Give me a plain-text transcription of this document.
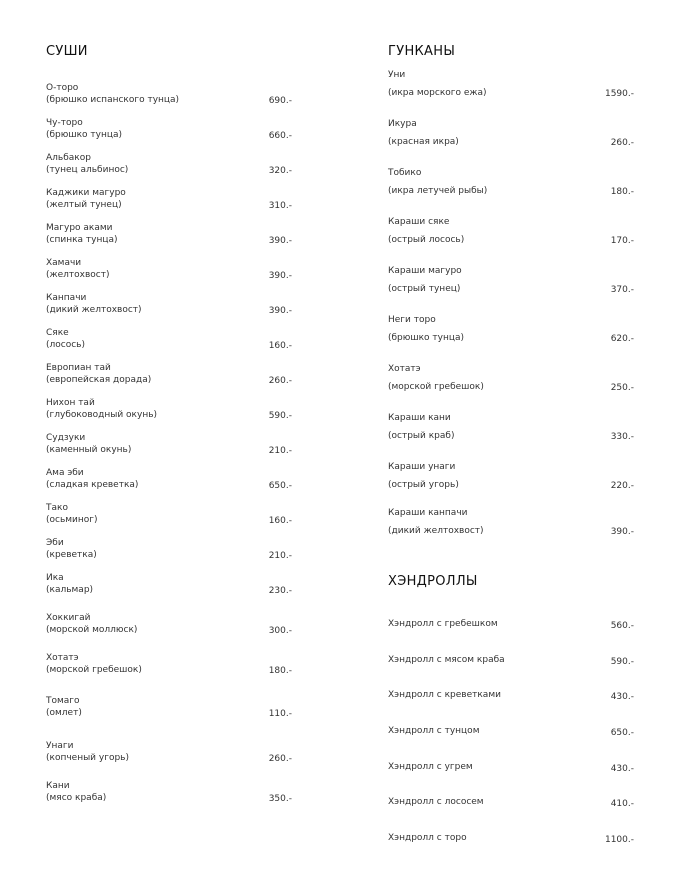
СУШИ
О-торо
(брюшко испанского тунца)	690.-
Чу-торо
(брюшко тунца)	660.-
Альбакор
(тунец альбинос)	320.-
Каджики магуро
(желтый тунец)	310.-
Магуро аками
(спинка тунца)	390.-
Хамачи
(желтохвост)	390.-
Канпачи
(дикий желтохвост)	390.-
Сяке
(лосось)	160.-
Европиан тай
(европейская дорада)	260.-
Нихон тай
(глубоководный окунь)	590.-
Судзуки
(каменный окунь)	210.-
Ама эби
(сладкая креветка)	650.-
Тако
(осьминог)	160.-
Эби
(креветка)	210.-
Ика
(кальмар)	230.-
Хоккигай
(морской моллюск)	300.-
Хотатэ
(морской гребешок)	180.-
Томаго
(омлет)	110.-
Унаги
(копченый угорь)	260.-
Кани
(мясо краба)	350.-
ГУНКАНЫ
Уни
(икра морского ежа)	1590.-
Икура
(красная икра)	260.-
Тобико
(икра летучей рыбы)	180.-
Караши сяке
(острый лосось)	170.-
Караши магуро
(острый тунец)	370.-
Неги торо
(брюшко тунца)	620.-
Хотатэ
(морской гребешок)	250.-
Караши кани
(острый краб)	330.-
Караши унаги
(острый угорь)	220.-
Караши канпачи
(дикий желтохвост)	390.-
ХЭНДРОЛЛЫ
Хэндролл с гребешком	560.-
Хэндролл с мясом краба	590.-
Хэндролл с креветками	430.-
Хэндролл с тунцом	650.-
Хэндролл с угрем	430.-
Хэндролл с лососем	410.-
Хэндролл с торо	1100.-
